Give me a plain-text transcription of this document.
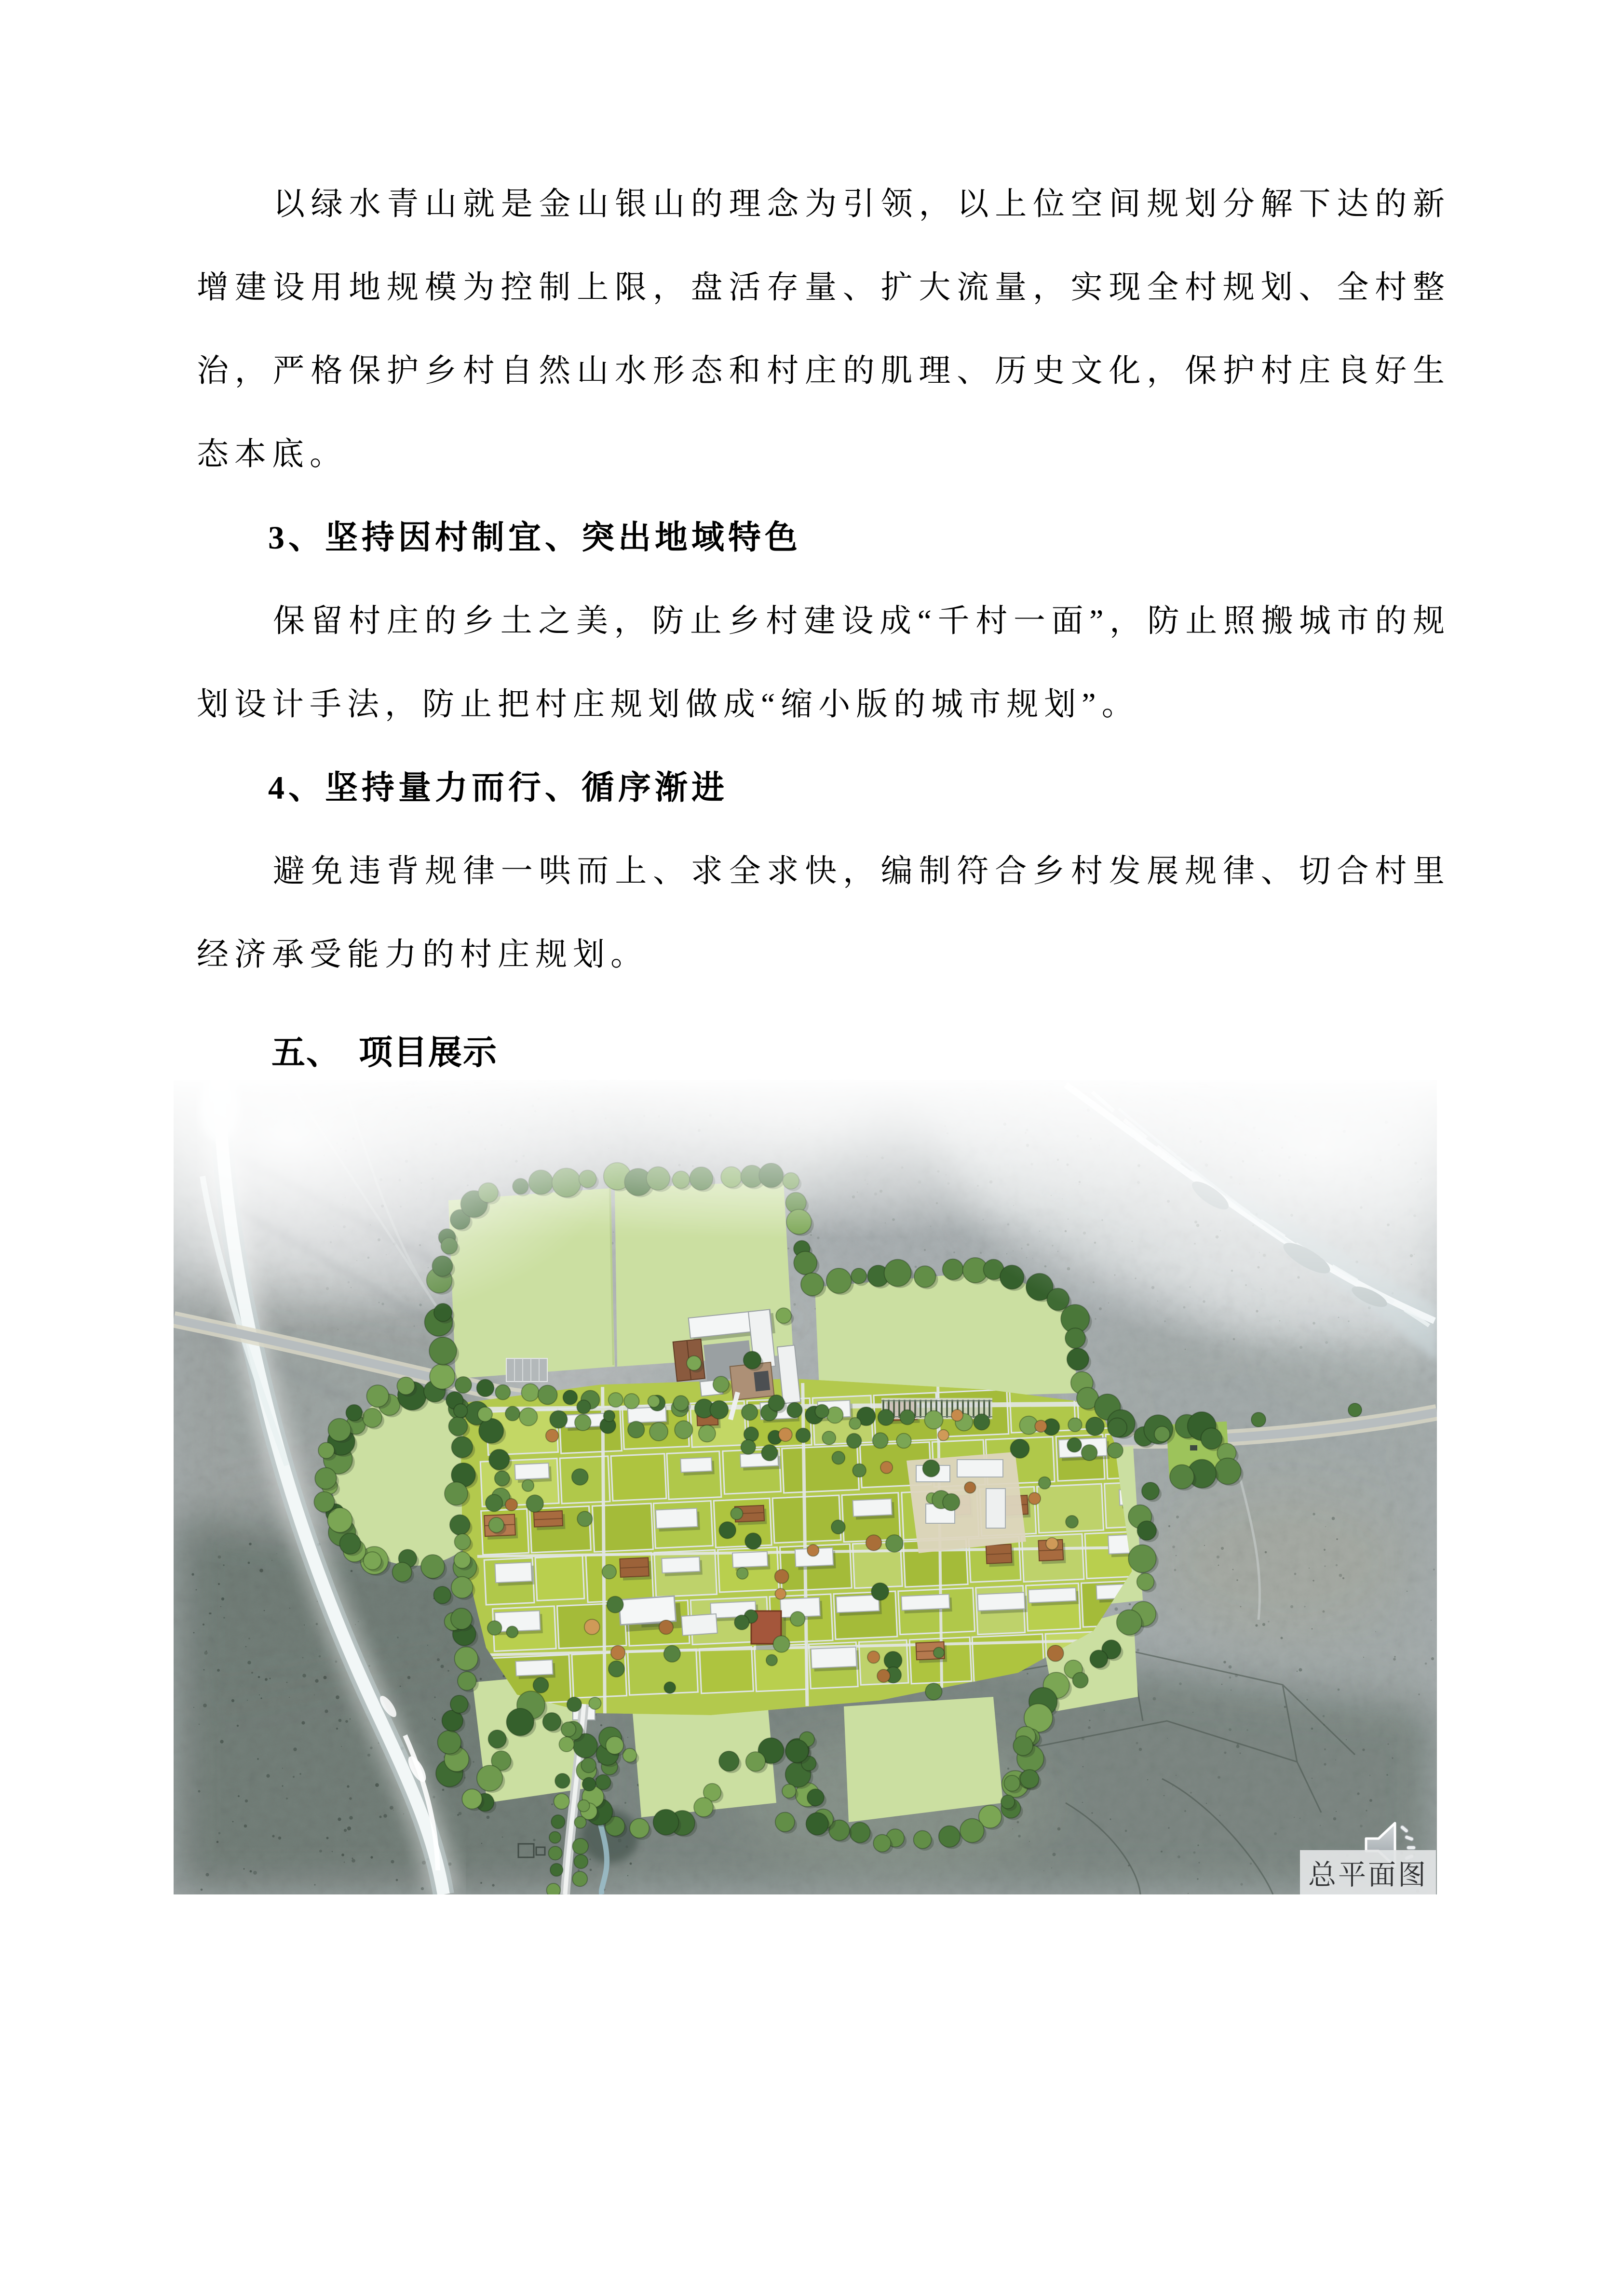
以绿水青山就是金山银山的理念为引领，以上位空间规划分解下达的新增建设用地规模为控制上限，盘活存量、扩大流量，实现全村规划、全村整治，严格保护乡村自然山水形态和村庄的肌理、历史文化，保护村庄良好生态本底。

3、坚持因村制宜、突出地域特色

保留村庄的乡土之美，防止乡村建设成“千村一面”，防止照搬城市的规划设计手法，防止把村庄规划做成“缩小版的城市规划”。

4、坚持量力而行、循序渐进

避免违背规律一哄而上、求全求快，编制符合乡村发展规律、切合村里经济承受能力的村庄规划。

五、　项目展示
总平面图
